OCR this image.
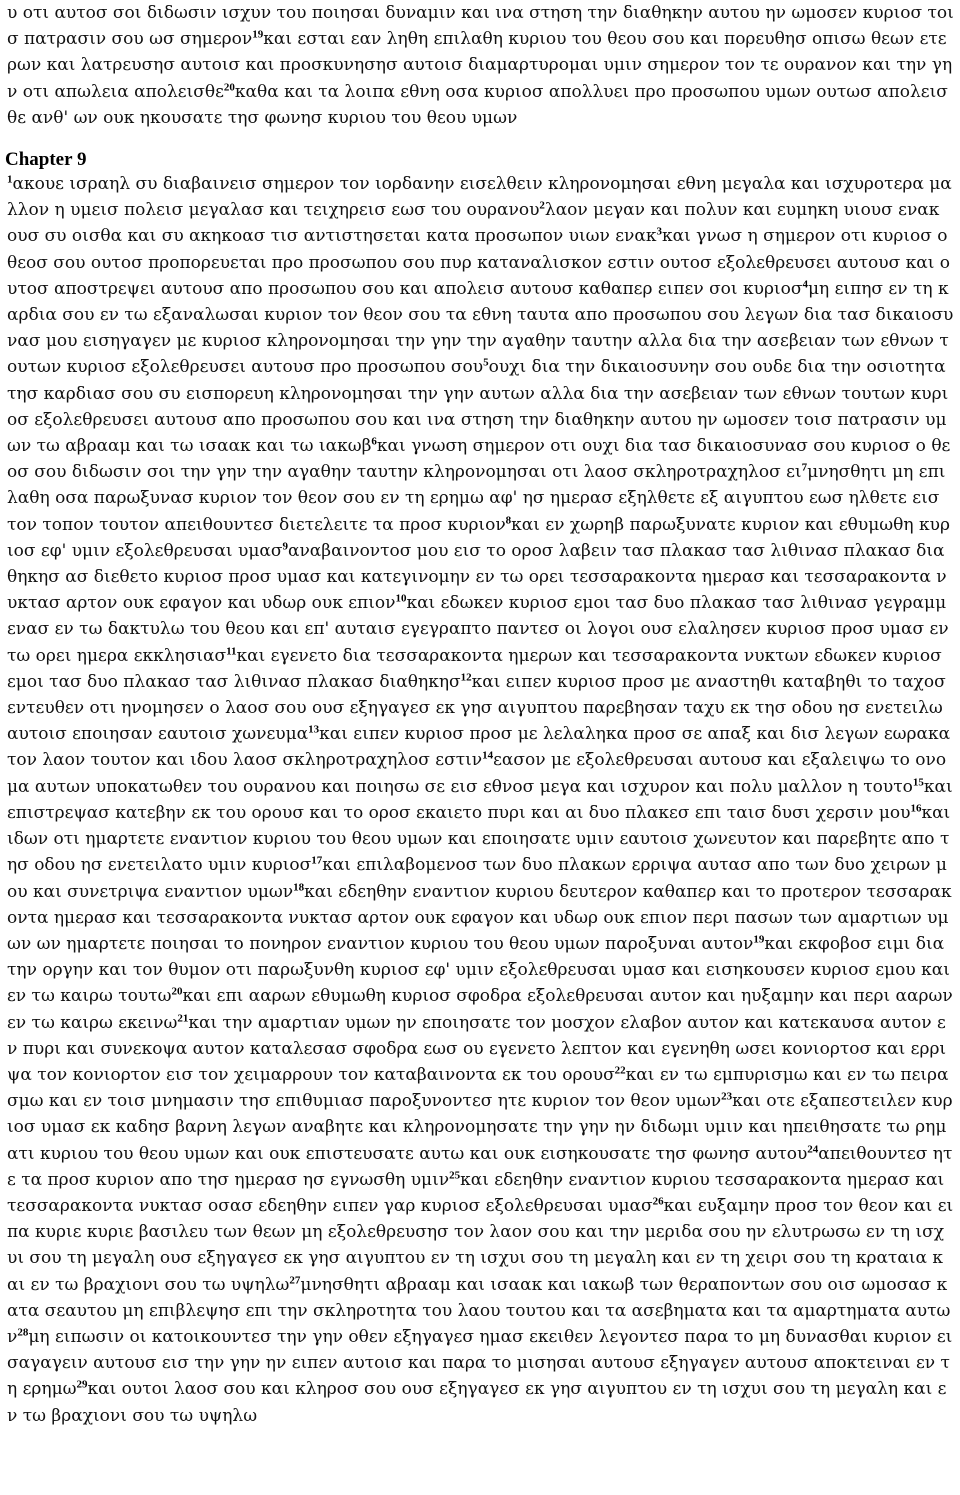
υ οτι αυτοσ σοι διδωσιν ισχυν του ποιησαι δυναμιν και ινα στηση την διαθηκην αυτου ην ωμοσεν κυριοσ τοισ πατρασιν σου ωσ σημερον$^{19}$και εσται εαν ληθη επιλαθη κυριου του θεου σου και πορευθησ οπισω θεων ετερων και λατρευσησ αυτοισ και προσκυνησησ αυτοισ διαμαρτυρομαι υμιν σημερον τον τε ουρανον και την γην οτι απωλεια απολεισθε$^{20}$καθα και τα λοιπα εθνη οσα κυριοσ απολλυει προ προσωπου υμων ουτωσ απολεισθε ανθ' ων ουκ ηκουσατε τησ φωνησ κυριου του θεου υμων

Chapter 9

$^1$ακουε ισραηλ συ διαβαινεισ σημερον τον ιορδανην εισελθειν κληρονομησαι εθνη μεγαλα και ισχυροτερα μαλλον η υμεισ πολεισ μεγαλασ και τειχηρεισ εωσ του ουρανου$^2$λαον μεγαν και πολυν και ευμηκη υιουσ ενακ ουσ συ οισθα και συ ακηκοασ τισ αντιστησεται κατα προσωπον υιων ενακ$^3$και γνωσ η σημερον οτι κυριοσ ο θεοσ σου ουτοσ προπορευεται προ προσωπου σου πυρ καταναλισκον εστιν ουτοσ εξολεθρευσει αυτουσ και ουτοσ αποστρεψει αυτουσ απο προσωπου σου και απολεισ αυτουσ καθαπερ ειπεν σοι κυριοσ$^4$μη ειπησ εν τη καρδια σου εν τω εξαναλωσαι κυριον τον θεον σου τα εθνη ταυτα απο προσωπου σου λεγων δια τασ δικαιοσυνασ μου εισηγαγεν με κυριοσ κληρονομησαι την γην την αγαθην ταυτην αλλα δια την ασεβειαν των εθνων τουτων κυριοσ εξολεθρευσει αυτουσ προ προσωπου σου$^5$ουχι δια την δικαιοσυνην σου ουδε δια την οσιοτητα τησ καρδιασ σου συ εισπορευη κληρονομησαι την γην αυτων αλλα δια την ασεβειαν των εθνων τουτων κυριοσ εξολεθρευσει αυτουσ απο προσωπου σου και ινα στηση την διαθηκην αυτου ην ωμοσεν τοισ πατρασιν υμων τω αβρααμ και τω ισαακ και τω ιακωβ$^6$και γνωση σημερον οτι ουχι δια τασ δικαιοσυνασ σου κυριοσ ο θεοσ σου διδωσιν σοι την γην την αγαθην ταυτην κληρονομησαι οτι λαοσ σκληροτραχηλοσ $\varepsilon\iota^7\mu\nu\eta\sigma\theta\eta\tau\iota$ μη επιλαθη οσα παρωξυνασ κυριον τον θεον σου εν τη ερημω αφ' ησ ημερασ εξηλθετε εξ αιγυπτου εωσ ηλθετε εισ τον τοπον τουτον απειθουντεσ διετελειτε τα προσ κυριον$^8$και εν χωρηβ παρωξυνατε κυριον και εθυμωθη κυριοσ εφ' υμιν εξολεθρευσαι υμασ$^9$αναβαινοντοσ μου εισ το οροσ λαβειν τασ πλακασ τασ λιθινασ πλακασ διαθηκησ ασ διεθετο κυριοσ προσ υμασ και κατεγινομην εν τω ορει τεσσαρακοντα ημερασ και τεσσαρακοντα νυκτασ αρτον ουκ εφαγον και υδωρ ουκ επιον$^{10}$και εδωκεν κυριοσ εμοι τασ δυο πλακασ τασ λιθινασ γεγραμμενασ εν τω δακτυλω του θεου και επ' αυταισ εγεγραπτο παντεσ οι λογοι ουσ ελαλησεν κυριοσ προσ υμασ εν τω ορει ημερα εκκλησιασ$^{11}$και εγενετο δια τεσσαρακοντα ημερων και τεσσαρακοντα νυκτων εδωκεν κυριοσ εμοι τασ δυο πλακασ τασ λιθινασ πλακασ διαθηκησ$^{12}$και ειπεν κυριοσ προσ με αναστηθι καταβηθι το ταχοσ εντευθεν οτι ηνομησεν ο λαοσ σου ουσ εξηγαγεσ εκ γησ αιγυπτου παρεβησαν ταχυ εκ τησ οδου ησ ενετειλω αυτοισ εποιησαν εαυτοισ χωνευμα$^{13}$και ειπεν κυριοσ προσ με λελαληκα προσ σε απαξ και δισ λεγων εωρακα τον λαον τουτον και ιδου λαοσ σκληροτραχηλοσ εστιν$^{14}$εασον με εξολεθρευσαι αυτουσ και εξαλειψω το ονομα αυτων υποκατωθεν του ουρανου και ποιησω σε εισ εθνοσ μεγα και ισχυρον και πολυ μαλλον η τουτο$^{15}$και επιστρεψασ κατεβην εκ του ορουσ και το οροσ εκαιετο πυρι και αι δυο πλακεσ επι ταισ δυσι χερσιν μου$^{16}$και ιδων οτι ημαρτετε εναντιον κυριου του θεου υμων και εποιησατε υμιν εαυτοισ χωνευτον και παρεβητε απο τησ οδου ησ ενετειλατο υμιν κυριοσ$^{17}$και επιλαβομενοσ των δυο πλακων ερριψα αυτασ απο των δυο χειρων μου και συνετριψα εναντιον υμων$^{18}$και εδεηθην εναντιον κυριου δευτερον καθαπερ και το προτερον τεσσαρακοντα ημερασ και τεσσαρακοντα νυκτασ αρτον ουκ εφαγον και υδωρ ουκ επιον περι πασων των αμαρτιων υμων ων ημαρτετε ποιησαι το πονηρον εναντιον κυριου του θεου υμων παροξυναι αυτον$^{19}$και εκφοβοσ ειμι δια την οργην και τον θυμον οτι παρωξυνθη κυριοσ εφ' υμιν εξολεθρευσαι υμασ και εισηκουσεν κυριοσ εμου και εν τω καιρω τουτω$^{20}$και επι ααρων εθυμωθη κυριοσ σφοδρα εξολεθρευσαι αυτον και ηυξαμην και περι ααρων εν τω καιρω εκεινω$^{21}$και την αμαρτιαν υμων ην εποιησατε τον μοσχον ελαβον αυτον και κατεκαυσα αυτον εν πυρι και συνεκοψα αυτον καταλεσασ σφοδρα εωσ ου εγενετο λεπτον και εγενηθη ωσει κονιορτοσ και ερριψα τον κονιορτον εισ τον χειμαρρουν τον καταβαινοντα εκ του ορουσ$^{22}$και εν τω εμπυρισμω και εν τω πειρασμω και εν τοισ μνημασιν τησ επιθυμιασ παροξυνοντεσ ητε κυριον τον θεον υμων$^{23}$και οτε εξαπεστειλεν κυριοσ υμασ εκ καδησ βαρνη λεγων αναβητε και κληρονομησατε την γην ην διδωμι υμιν και ηπειθησατε τω ρηματι κυριου του θεου υμων και ουκ επιστευσατε αυτω και ουκ εισηκουσατε τησ φωνησ αυτου$^{24}$απειθουντεσ ητε τα προσ κυριον απο τησ ημερασ ησ εγνωσθη υμιν$^{25}$και εδεηθην εναντιον κυριου τεσσαρακοντα ημερασ και τεσσαρακοντα νυκτασ οσασ εδεηθην ειπεν γαρ κυριοσ εξολεθρευσαι υμασ$^{26}$και ευξαμην προσ τον θεον και ειπα κυριε κυριε βασιλευ των θεων μη εξολεθρευσησ τον λαον σου και την μεριδα σου ην ελυτρωσω εν τη ισχυι σου τη μεγαλη ουσ εξηγαγεσ εκ γησ αιγυπτου εν τη ισχυι σου τη μεγαλη και εν τη χειρι σου τη κραταια και εν τω βραχιονι σου τω υψηλω$^{27}$μνησθητι αβρααμ και ισαακ και ιακωβ των θεραποντων σου οισ ωμοσασ κατα σεαυτου μη επιβλεψησ επι την σκληροτητα του λαου τουτου και τα ασεβηματα και τα αμαρτηματα αυτων$^{28}$μη ειπωσιν οι κατοικουντεσ την γην οθεν εξηγαγεσ ημασ εκειθεν λεγοντεσ παρα το μη δυνασθαι κυριον εισαγαγειν αυτουσ εισ την γην ην ειπεν αυτοισ και παρα το μισησαι αυτουσ εξηγαγεν αυτουσ αποκτειναι εν τη ερημω$^{29}$και ουτοι λαοσ σου και κληροσ σου ουσ εξηγαγεσ εκ γησ αιγυπτου εν τη ισχυι σου τη μεγαλη και εν τω βραχιονι σου τω υψηλω
